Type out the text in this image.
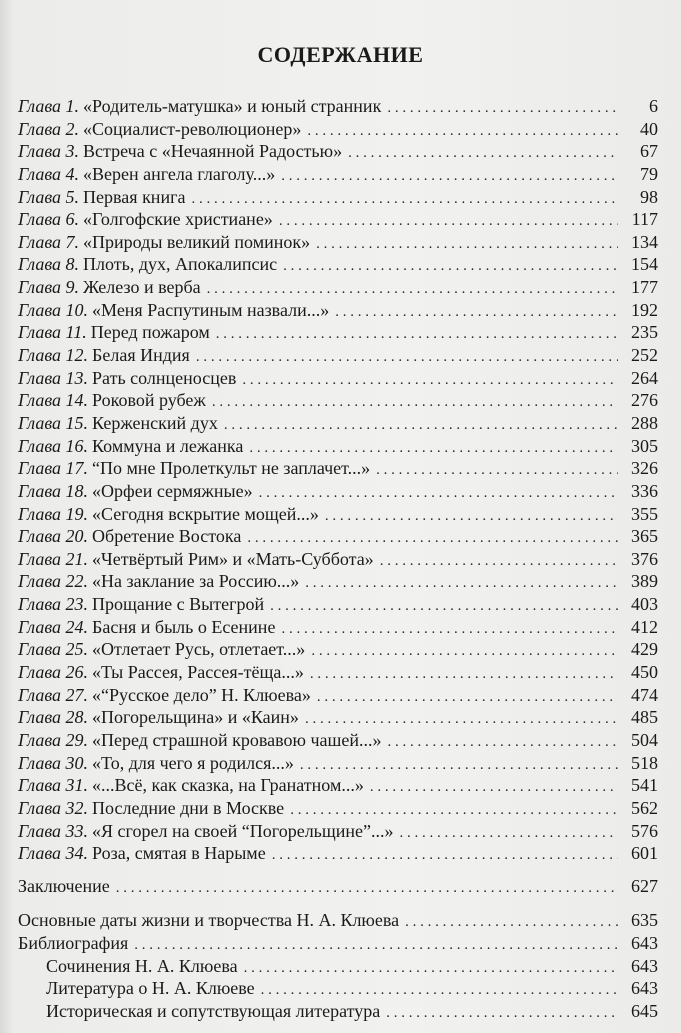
СОДЕРЖАНИЕ
Глава 1. «Родитель-матушка» и юный странник . . .	6
Глава 2. «Социалист-революционер» . . .	40
Глава 3. Встреча с «Нечаянной Радостью» . . .	67
Глава 4. «Верен ангела глаголу...» . . .	79
Глава 5. Первая книга . . .	98
Глава 6. «Голгофские христиане» . . .	117
Глава 7. «Природы великий поминок» . . .	134
Глава 8. Плоть, дух, Апокалипсис . . .	154
Глава 9. Железо и верба . . .	177
Глава 10. «Меня Распутиным назвали...» . . .	192
Глава 11. Перед пожаром . . .	235
Глава 12. Белая Индия . . .	252
Глава 13. Рать солнценосцев . . .	264
Глава 14. Роковой рубеж . . .	276
Глава 15. Керженский дух . . .	288
Глава 16. Коммуна и лежанка . . .	305
Глава 17. “По мне Пролеткульт не заплачет...» . . .	326
Глава 18. «Орфеи сермяжные» . . .	336
Глава 19. «Сегодня вскрытие мощей...» . . .	355
Глава 20. Обретение Востока . . .	365
Глава 21. «Четвёртый Рим» и «Мать-Суббота» . . .	376
Глава 22. «На заклание за Россию...» . . .	389
Глава 23. Прощание с Вытегрой . . .	403
Глава 24. Басня и быль о Есенине . . .	412
Глава 25. «Отлетает Русь, отлетает...» . . .	429
Глава 26. «Ты Рассея, Рассея-тёща...» . . .	450
Глава 27. «“Русское дело” Н. Клюева» . . .	474
Глава 28. «Погорельщина» и «Каин» . . .	485
Глава 29. «Перед страшной кровавою чашей...» . . .	504
Глава 30. «То, для чего я родился...» . . .	518
Глава 31. «...Всё, как сказка, на Гранатном...» . . .	541
Глава 32. Последние дни в Москве . . .	562
Глава 33. «Я сгорел на своей “Погорельщине”...» . . .	576
Глава 34. Роза, смятая в Нарыме . . .	601
Заключение . . .	627
Основные даты жизни и творчества Н. А. Клюева . . .	635
Библиография . . .	643
Сочинения Н. А. Клюева . . .	643
Литература о Н. А. Клюеве . . .	643
Историческая и сопутствующая литература . . .	645
